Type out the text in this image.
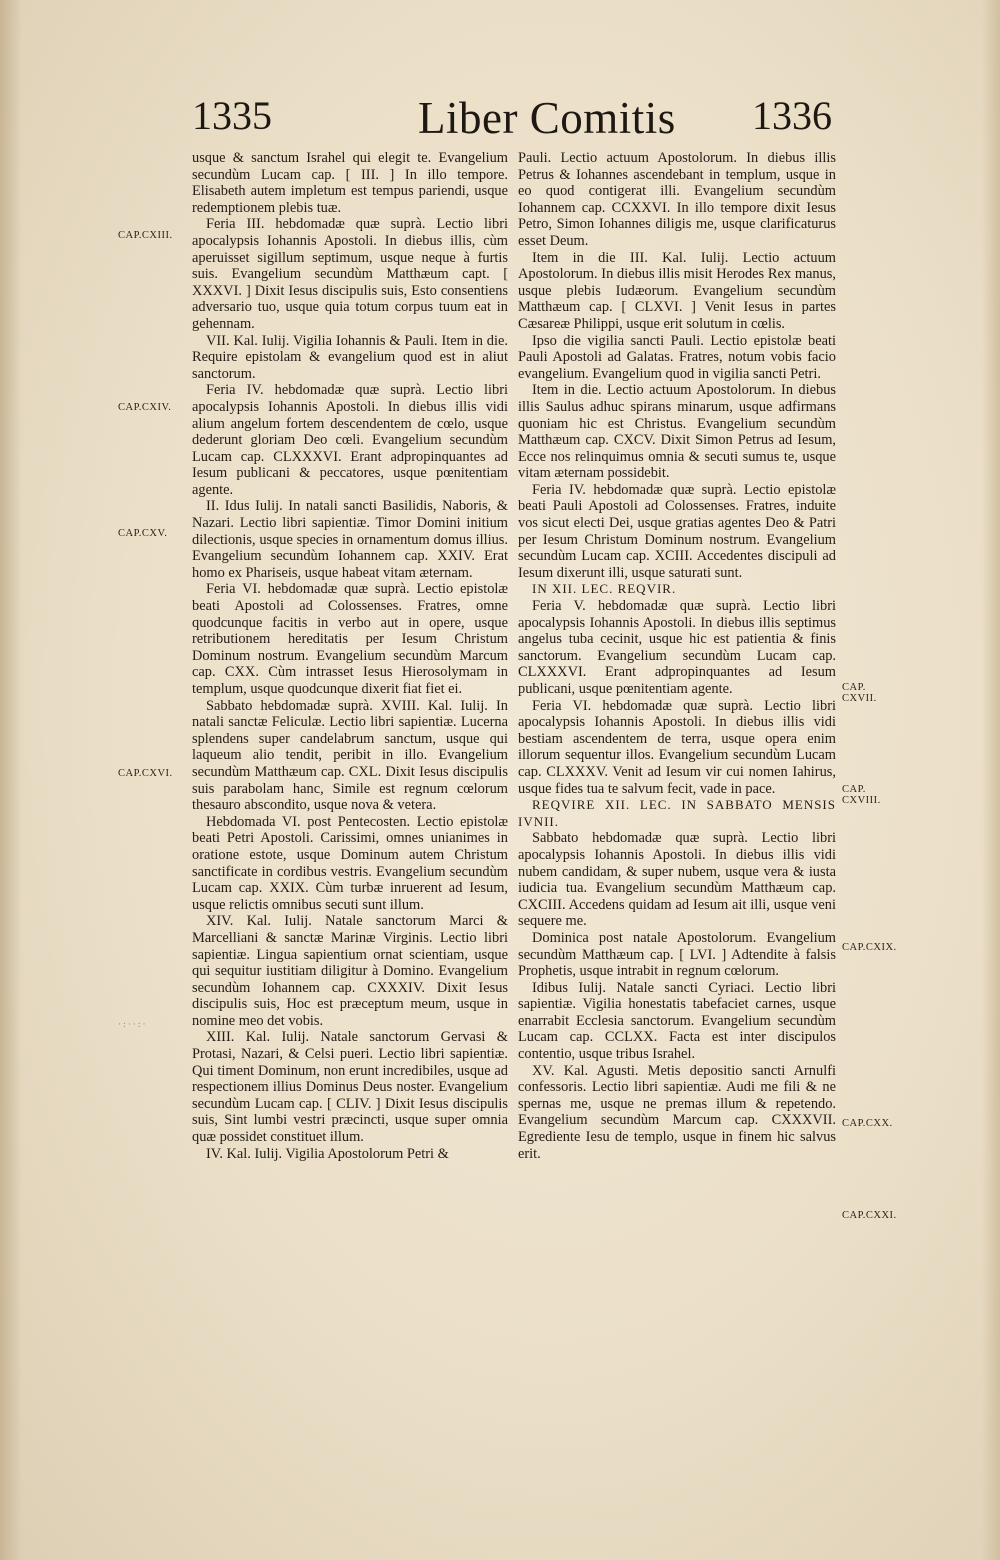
1335	Liber Comitis 1336
CAP.CXIII.
CAP.CXIV.
CAP.CXV.
CAP.CXVI.
·:··:·
CAP. CXVII.
CAP. CXVIII.
CAP.CXIX.
CAP.CXX.
CAP.CXXI.

usque & sanctum Israhel qui elegit te. Evangelium secundùm Lucam cap. [ III. ] In illo tempore. Elisabeth autem impletum est tempus pariendi, usque redemptionem plebis tuæ.

Feria III. hebdomadæ quæ suprà. Lectio libri apocalypsis Iohannis Apostoli. In diebus illis, cùm aperuisset sigillum septimum, usque neque à furtis suis. Evangelium secundùm Matthæum capt. [ XXXVI. ] Dixit Iesus discipulis suis, Esto consentiens adversario tuo, usque quia totum corpus tuum eat in gehennam.

VII. Kal. Iulij. Vigilia Iohannis & Pauli. Item in die. Require epistolam & evangelium quod est in aliut sanctorum.

Feria IV. hebdomadæ quæ suprà. Lectio libri apocalypsis Iohannis Apostoli. In diebus illis vidi alium angelum fortem descendentem de cœlo, usque dederunt gloriam Deo cœli. Evangelium secundùm Lucam cap. CLXXXVI. Erant adpropinquantes ad Iesum publicani & peccatores, usque pœnitentiam agente.

II. Idus Iulij. In natali sancti Basilidis, Naboris, & Nazari. Lectio libri sapientiæ. Timor Domini initium dilectionis, usque species in ornamentum domus illius. Evangelium secundùm Iohannem cap. XXIV. Erat homo ex Phariseis, usque habeat vitam æternam.

Feria VI. hebdomadæ quæ suprà. Lectio epistolæ beati Apostoli ad Colossenses. Fratres, omne quodcunque facitis in verbo aut in opere, usque retributionem hereditatis per Iesum Christum Dominum nostrum. Evangelium secundùm Marcum cap. CXX. Cùm intrasset Iesus Hierosolymam in templum, usque quodcunque dixerit fiat fiet ei.

Sabbato hebdomadæ suprà. XVIII. Kal. Iulij. In natali sanctæ Feliculæ. Lectio libri sapientiæ. Lucerna splendens super candelabrum sanctum, usque qui laqueum alio tendit, peribit in illo. Evangelium secundùm Matthæum cap. CXL. Dixit Iesus discipulis suis parabolam hanc, Simile est regnum cœlorum thesauro abscondito, usque nova & vetera.

Hebdomada VI. post Pentecosten. Lectio epistolæ beati Petri Apostoli. Carissimi, omnes unianimes in oratione estote, usque Dominum autem Christum sanctificate in cordibus vestris. Evangelium secundùm Lucam cap. XXIX. Cùm turbæ inruerent ad Iesum, usque relictis omnibus secuti sunt illum.

XIV. Kal. Iulij. Natale sanctorum Marci & Marcelliani & sanctæ Marinæ Virginis. Lectio libri sapientiæ. Lingua sapientium ornat scientiam, usque qui sequitur iustitiam diligitur à Domino. Evangelium secundùm Iohannem cap. CXXXIV. Dixit Iesus discipulis suis, Hoc est præceptum meum, usque in nomine meo det vobis.

XIII. Kal. Iulij. Natale sanctorum Gervasi & Protasi, Nazari, & Celsi pueri. Lectio libri sapientiæ. Qui timent Dominum, non erunt incredibiles, usque ad respectionem illius Dominus Deus noster. Evangelium secundùm Lucam cap. [ CLIV. ] Dixit Iesus discipulis suis, Sint lumbi vestri præcincti, usque super omnia quæ possidet constituet illum.

IV. Kal. Iulij. Vigilia Apostolorum Petri &

Pauli. Lectio actuum Apostolorum. In diebus illis Petrus & Iohannes ascendebant in templum, usque in eo quod contigerat illi. Evangelium secundùm Iohannem cap. CCXXVI. In illo tempore dixit Iesus Petro, Simon Iohannes diligis me, usque clarificaturus esset Deum.

Item in die III. Kal. Iulij. Lectio actuum Apostolorum. In diebus illis misit Herodes Rex manus, usque plebis Iudæorum. Evangelium secundùm Matthæum cap. [ CLXVI. ] Venit Iesus in partes Cæsareæ Philippi, usque erit solutum in cœlis.

Ipso die vigilia sancti Pauli. Lectio epistolæ beati Pauli Apostoli ad Galatas. Fratres, notum vobis facio evangelium. Evangelium quod in vigilia sancti Petri.

Item in die. Lectio actuum Apostolorum. In diebus illis Saulus adhuc spirans minarum, usque adfirmans quoniam hic est Christus. Evangelium secundùm Matthæum cap. CXCV. Dixit Simon Petrus ad Iesum, Ecce nos relinquimus omnia & secuti sumus te, usque vitam æternam possidebit.

Feria IV. hebdomadæ quæ suprà. Lectio epistolæ beati Pauli Apostoli ad Colossenses. Fratres, induite vos sicut electi Dei, usque gratias agentes Deo & Patri per Iesum Christum Dominum nostrum. Evangelium secundùm Lucam cap. XCIII. Accedentes discipuli ad Iesum dixerunt illi, usque saturati sunt.

IN XII. LEC. REQVIR.

Feria V. hebdomadæ quæ suprà. Lectio libri apocalypsis Iohannis Apostoli. In diebus illis septimus angelus tuba cecinit, usque hic est patientia & finis sanctorum. Evangelium secundùm Lucam cap. CLXXXVI. Erant adpropinquantes ad Iesum publicani, usque pœnitentiam agente.

Feria VI. hebdomadæ quæ suprà. Lectio libri apocalypsis Iohannis Apostoli. In diebus illis vidi bestiam ascendentem de terra, usque opera enim illorum sequentur illos. Evangelium secundùm Lucam cap. CLXXXV. Venit ad Iesum vir cui nomen Iahirus, usque fides tua te salvum fecit, vade in pace.

REQVIRE XII. LEC. IN SABBATO MENSIS IVNII.

Sabbato hebdomadæ quæ suprà. Lectio libri apocalypsis Iohannis Apostoli. In diebus illis vidi nubem candidam, & super nubem, usque vera & iusta iudicia tua. Evangelium secundùm Matthæum cap. CXCIII. Accedens quidam ad Iesum ait illi, usque veni sequere me.

Dominica post natale Apostolorum. Evangelium secundùm Matthæum cap. [ LVI. ] Adtendite à falsis Prophetis, usque intrabit in regnum cœlorum.

Idibus Iulij. Natale sancti Cyriaci. Lectio libri sapientiæ. Vigilia honestatis tabefaciet carnes, usque enarrabit Ecclesia sanctorum. Evangelium secundùm Lucam cap. CCLXX. Facta est inter discipulos contentio, usque tribus Israhel.

XV. Kal. Agusti. Metis depositio sancti Arnulfi confessoris. Lectio libri sapientiæ. Audi me fili & ne spernas me, usque ne premas illum & repetendo. Evangelium secundùm Marcum cap. CXXXVII. Egrediente Iesu de templo, usque in finem hic salvus erit.
